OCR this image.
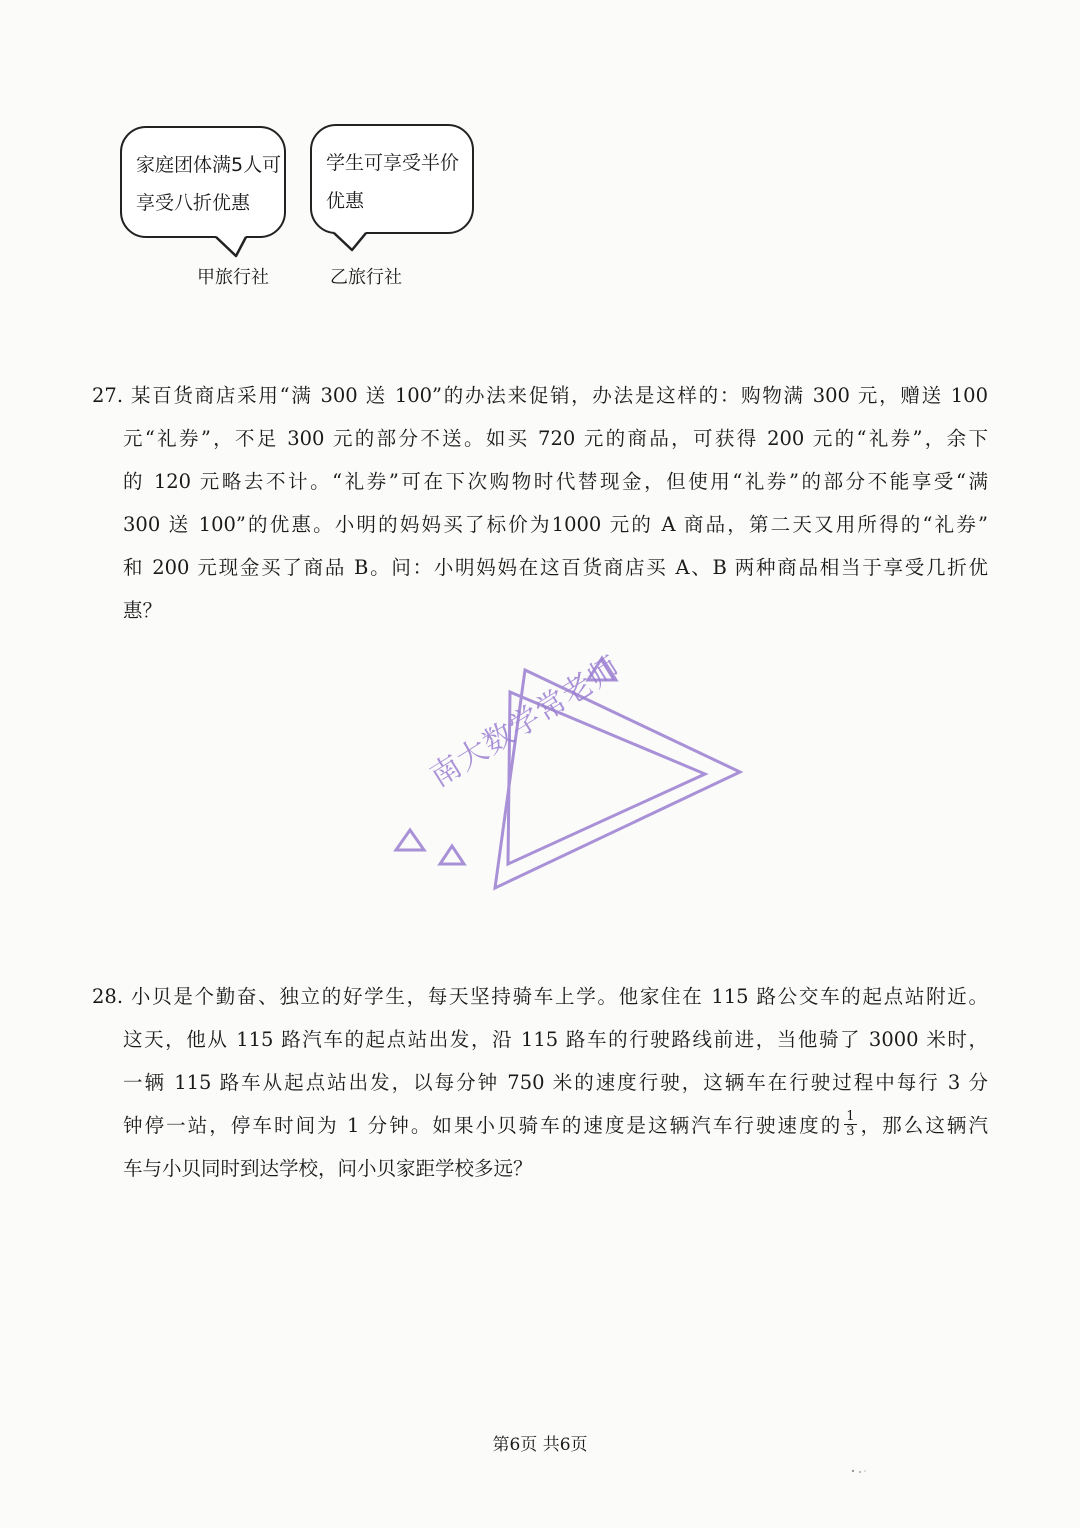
家庭团体满5人可
享受八折优惠
甲旅行社
学生可享受半价
优惠
乙旅行社
27. 某百货商店采用“满 300 送 100”的办法来促销，办法是这样的：购物满 300 元，赠送 100
元“礼券”，不足 300 元的部分不送。如买 720 元的商品，可获得 200 元的“礼券”，余下
的 120 元略去不计。“礼券”可在下次购物时代替现金，但使用“礼券”的部分不能享受“满
300 送 100”的优惠。小明的妈妈买了标价为1000 元的 A 商品，第二天又用所得的“礼券”
和 200 元现金买了商品 B。问：小明妈妈在这百货商店买 A、B 两种商品相当于享受几折优
惠？
南大数学常老师
28. 小贝是个勤奋、独立的好学生，每天坚持骑车上学。他家住在 115 路公交车的起点站附近。
这天，他从 115 路汽车的起点站出发，沿 115 路车的行驶路线前进，当他骑了 3000 米时，
一辆 115 路车从起点站出发，以每分钟 750 米的速度行驶，这辆车在行驶过程中每行 3 分
钟停一站，停车时间为 1 分钟。如果小贝骑车的速度是这辆汽车行驶速度的 $\frac{1}{3}$ ，那么这辆汽
车与小贝同时到达学校，问小贝家距学校多远？
第6页 共6页
